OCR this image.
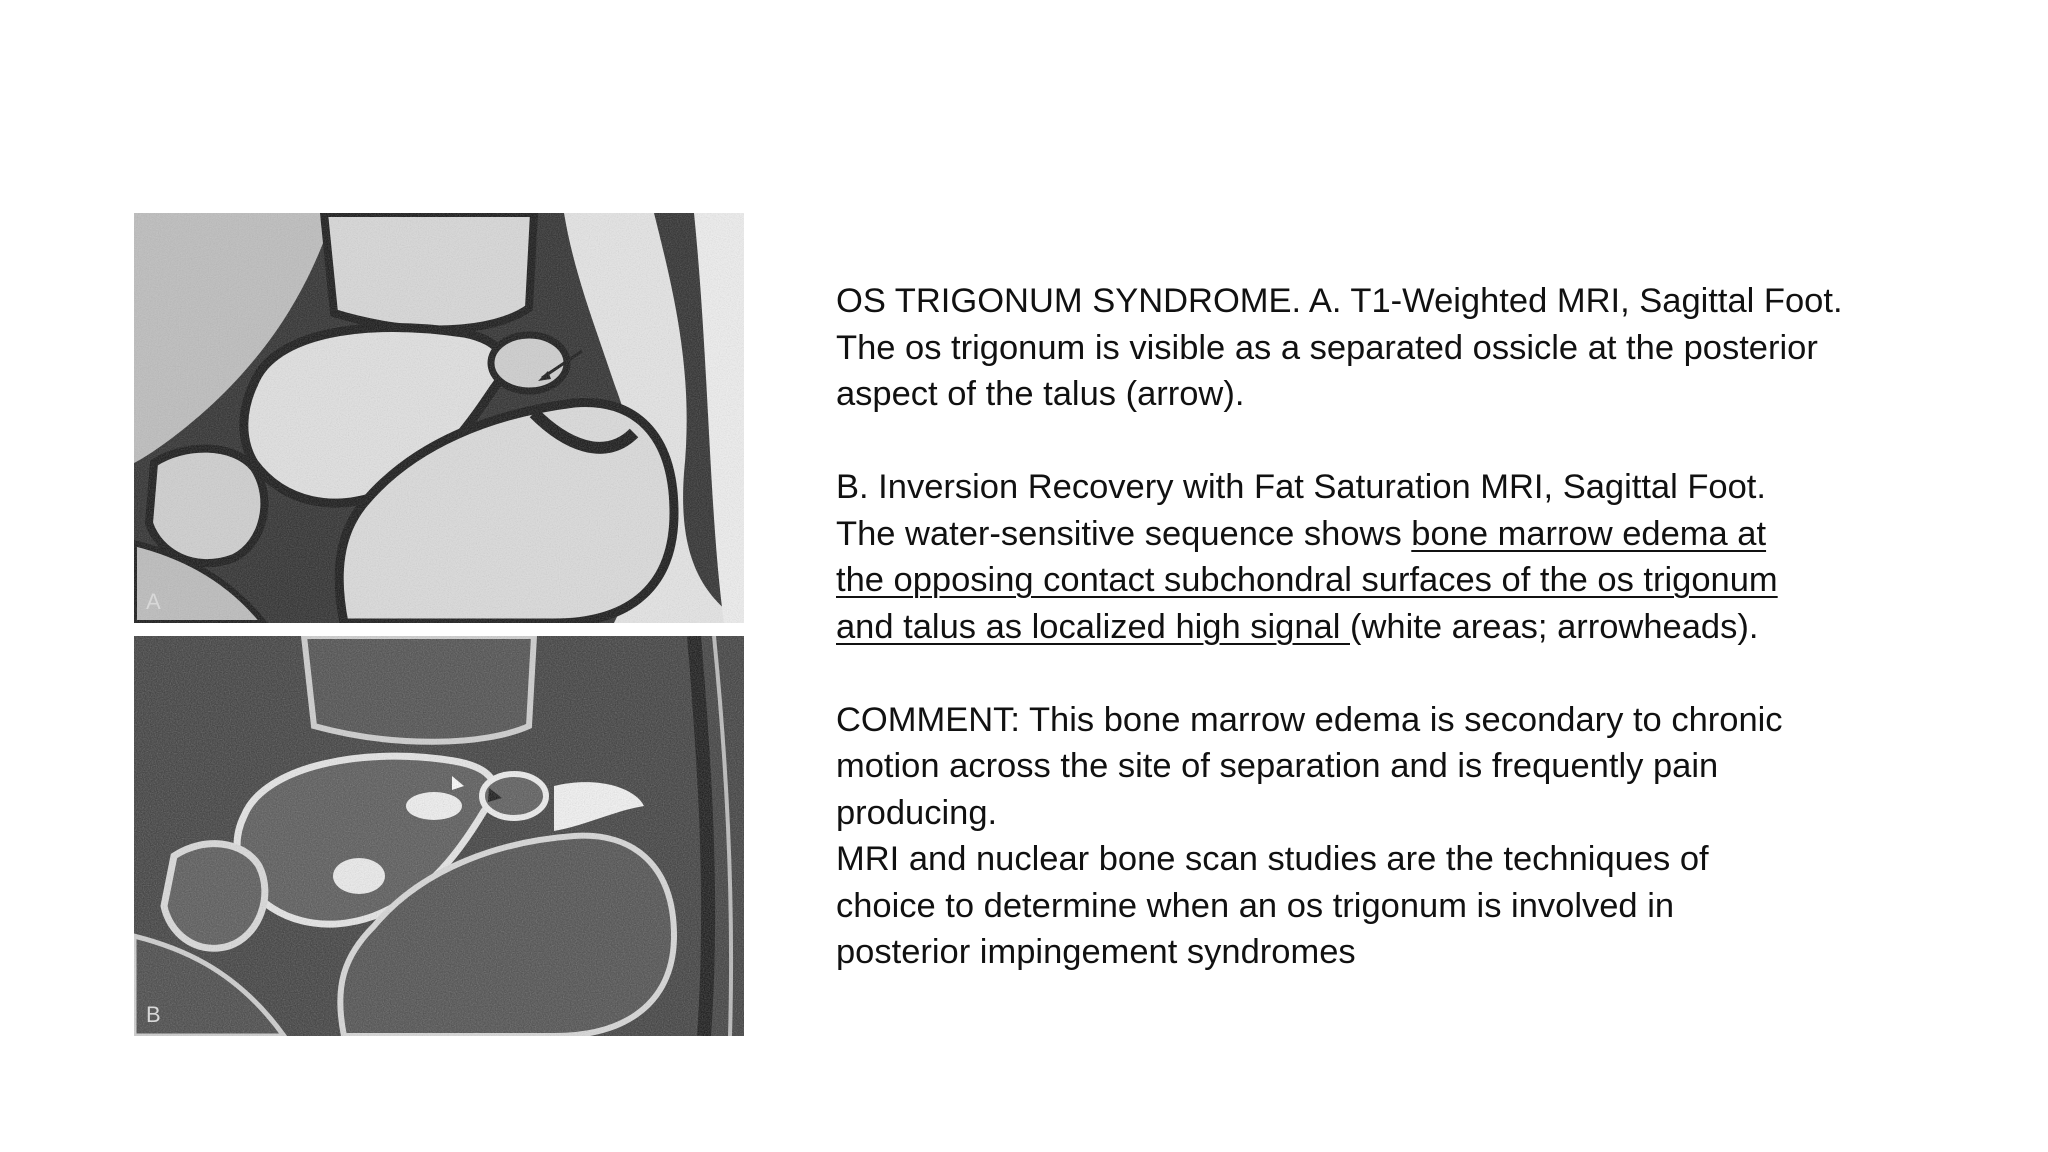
A
B

OS TRIGONUM SYNDROME. A. T1-Weighted MRI, Sagittal Foot.

The os trigonum is visible as a separated ossicle at the posterior

aspect of the talus (arrow).

B. Inversion Recovery with Fat Saturation MRI, Sagittal Foot.

The water-sensitive sequence shows bone marrow edema at

the opposing contact subchondral surfaces of the os trigonum

and talus as localized high signal (white areas; arrowheads).

COMMENT: This bone marrow edema is secondary to chronic

motion across the site of separation and is frequently pain

producing.

MRI and nuclear bone scan studies are the techniques of

choice to determine when an os trigonum is involved in

posterior impingement syndromes
